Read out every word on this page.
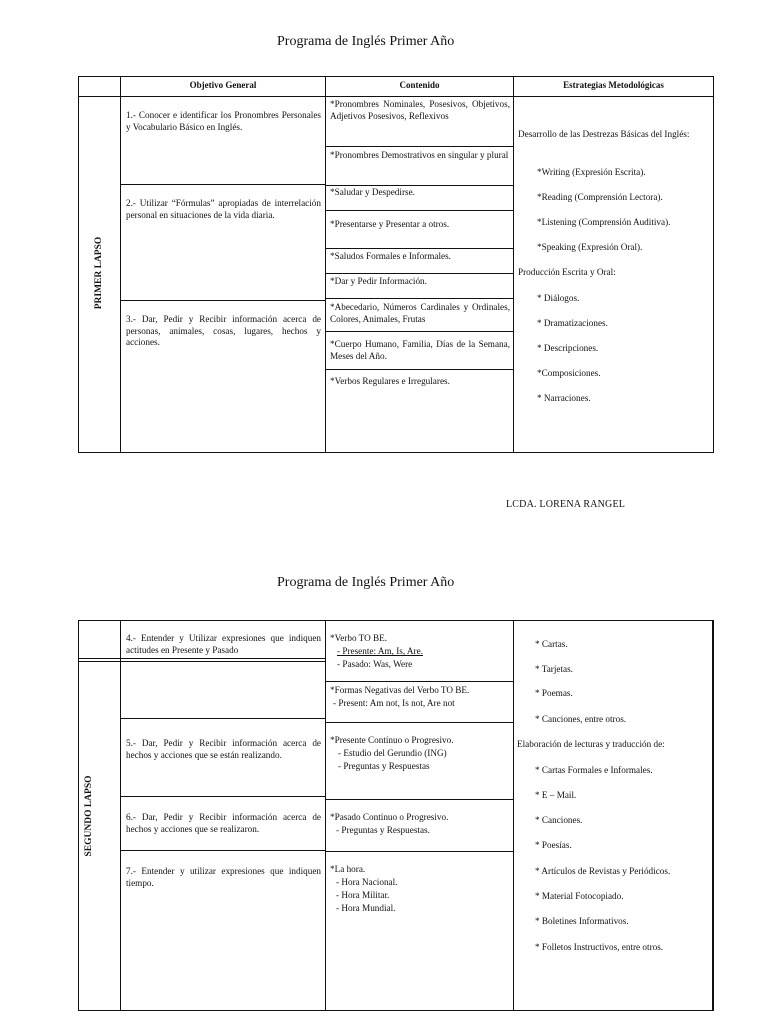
Programa de Inglés Primer Año
Objetivo General	Contenido	Estrategias Metodológicas
PRIMER LAPSO
1.- Conocer e identificar los Pronombres Personales y Vocabulario Básico en Inglés.
2.- Utilizar “Fórmulas” apropiadas de interrelación personal en situaciones de la vida diaria.
3.- Dar, Pedir y Recibir información acerca de personas, animales, cosas, lugares, hechos y acciones.
*Pronombres Nominales, Posesivos, Objetivos, Adjetivos Posesivos, Reflexivos
*Pronombres Demostrativos en singular y plural
*Saludar y Despedirse.
*Presentarse y Presentar a otros.
*Saludos Formales e Informales.
*Dar y Pedir Información.
*Abecedario, Números Cardinales y Ordinales, Colores, Animales, Frutas
*Cuerpo Humano, Familia, Días de la Semana, Meses del Año.
*Verbos Regulares e Irregulares.
Desarrollo de las Destrezas Básicas del Inglés:
*Writing (Expresión Escrita).
*Reading (Comprensión Lectora).
*Listening (Comprensión Auditiva).
*Speaking (Expresión Oral).
Producción Escrita y Oral:
* Diálogos.
* Dramatizaciones.
* Descripciones.
*Composiciones.
* Narraciones.
LCDA. LORENA RANGEL
Programa de Inglés Primer Año
SEGUNDO LAPSO
4.- Entender y Utilizar expresiones que indiquen actitudes en Presente y Pasado
5.- Dar, Pedir y Recibir información acerca de hechos y acciones que se están realizando.
6.- Dar, Pedir y Recibir información acerca de hechos y acciones que se realizaron.
7.- Entender y utilizar expresiones que indiquen tiempo.
*Verbo TO BE.
- Presente: Am, Is, Are.
- Pasado: Was, Were
*Formas Negativas del Verbo TO BE.
- Present: Am not, Is not, Are not
*Presente Contínuo o Progresivo.
- Estudio del Gerundio (ING)
- Preguntas y Respuestas
*Pasado Contínuo o Progresivo.
- Preguntas y Respuestas.
*La hora.
- Hora Nacional.
- Hora Militar.
- Hora Mundial.
* Cartas.
* Tarjetas.
* Poemas.
* Canciones, entre otros.
Elaboración de lecturas y traducción de:
* Cartas Formales e Informales.
* E – Mail.
* Canciones.
* Poesías.
* Artículos de Revistas y Periódicos.
* Material Fotocopiado.
* Boletines Informativos.
* Folletos Instructivos, entre otros.
